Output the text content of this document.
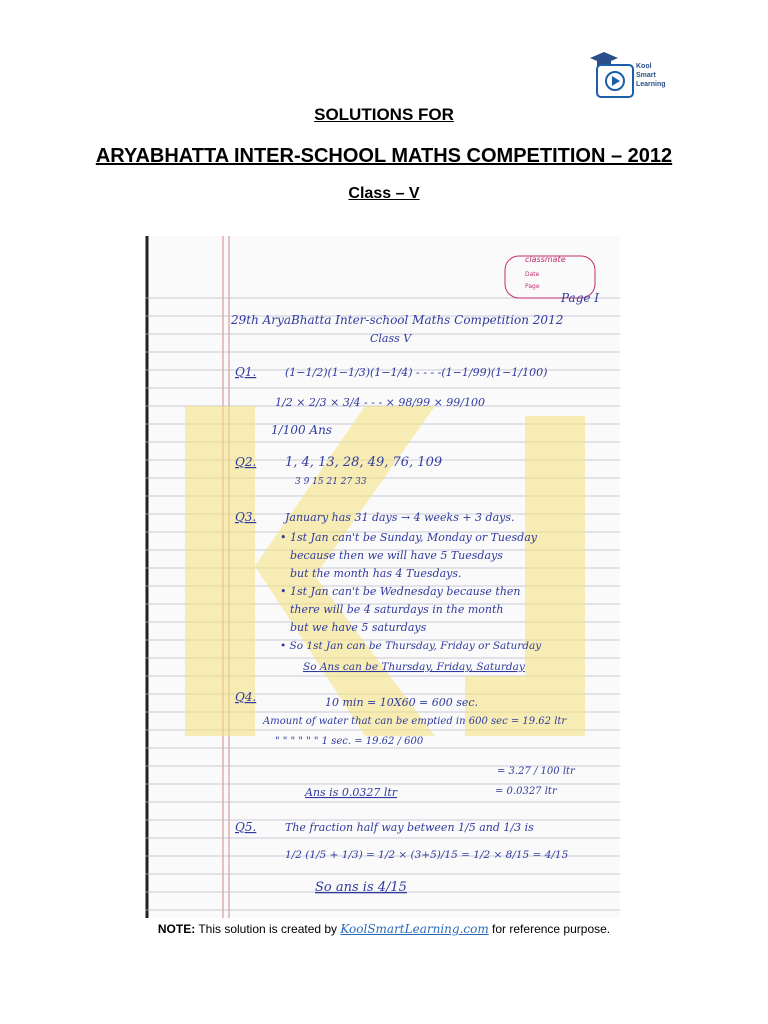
Kool
Smart
Learning
SOLUTIONS FOR
ARYABHATTA INTER-SCHOOL MATHS COMPETITION – 2012
Class – V
classmate
Date
Page
Page I
29th AryaBhatta Inter-school Maths Competition 2012
Class V
Q1.	(1−1/2)(1−1/3)(1−1/4) - - - -(1−1/99)(1−1/100)
1/2 × 2/3 × 3/4 - - - × 98/99 × 99/100
1/100 Ans
Q2. 1, 4, 13, 28, 49, 76, 109
3 9 15 21 27 33
Q3.	January has 31 days → 4 weeks + 3 days.
• 1st Jan can't be Sunday, Monday or Tuesday
because then we will have 5 Tuesdays
but the month has 4 Tuesdays.
• 1st Jan can't be Wednesday because then
there will be 4 saturdays in the month
but we have 5 saturdays
• So 1st Jan can be Thursday, Friday or Saturday
So Ans can be Thursday, Friday, Saturday
Q4.	10 min = 10X60 = 600 sec.
Amount of water that can be emptied in 600 sec = 19.62 ltr
" " " " " " 1 sec. = 19.62 / 600
= 3.27 / 100 ltr
= 0.0327 ltr
Ans is 0.0327 ltr
Q5.	The fraction half way between 1/5 and 1/3 is
1/2 (1/5 + 1/3) = 1/2 × (3+5)/15 = 1/2 × 8/15 = 4/15
So ans is 4/15
NOTE: This solution is created by KoolSmartLearning.com for reference purpose.
